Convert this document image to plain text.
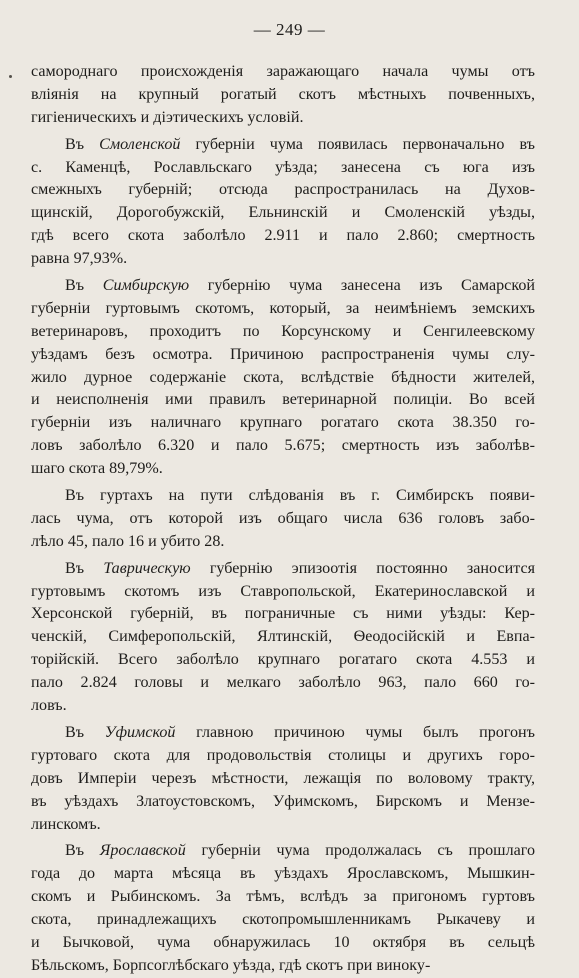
— 249 —
самороднаго происхожденія заражающаго начала чумы отъ
вліянія на крупный рогатый скотъ мѣстныхъ почвенныхъ,
гигіеническихъ и діэтическихъ условій.
Въ Смоленской губерніи чума появилась первоначально въ
с. Каменцѣ, Рославльскаго уѣзда; занесена съ юга изъ
смежныхъ губерній; отсюда распространилась на Духов-
щинскій, Дорогобужскій, Ельнинскій и Смоленскій уѣзды,
гдѣ всего скота заболѣло 2.911 и пало 2.860; смертность
равна 97,93%.
Въ Симбирскую губернію чума занесена изъ Самарской
губерніи гуртовымъ скотомъ, который, за неимѣніемъ земскихъ
ветеринаровъ, проходитъ по Корсунскому и Сенгилеевскому
уѣздамъ безъ осмотра. Причиною распространенія чумы слу-
жило дурное содержаніе скота, вслѣдствіе бѣдности жителей,
и неисполненія ими правилъ ветеринарной полиціи. Во всей
губерніи изъ наличнаго крупнаго рогатаго скота 38.350 го-
ловъ заболѣло 6.320 и пало 5.675; смертность изъ заболѣв-
шаго скота 89,79%.
Въ гуртахъ на пути слѣдованія въ г. Симбирскъ появи-
лась чума, отъ которой изъ общаго числа 636 головъ забо-
лѣло 45, пало 16 и убито 28.
Въ Таврическую губернію эпизоотія постоянно заносится
гуртовымъ скотомъ изъ Ставропольской, Екатеринославской и
Херсонской губерній, въ пограничные съ ними уѣзды: Кер-
ченскій, Симферопольскій, Ялтинскій, Ѳеодосійскій и Евпа-
торійскій. Всего заболѣло крупнаго рогатаго скота 4.553 и
пало 2.824 головы и мелкаго заболѣло 963, пало 660 го-
ловъ.
Въ Уфимской главною причиною чумы былъ прогонъ
гуртоваго скота для продовольствія столицы и другихъ горо-
довъ Имперіи черезъ мѣстности, лежащія по воловому тракту,
въ уѣздахъ Златоустовскомъ, Уфимскомъ, Бирскомъ и Мензе-
линскомъ.
Въ Ярославской губерніи чума продолжалась съ прошлаго
года до марта мѣсяца въ уѣздахъ Ярославскомъ, Мышкин-
скомъ и Рыбинскомъ. За тѣмъ, вслѣдъ за пригономъ гуртовъ
скота, принадлежащихъ скотопромышленникамъ Рыкачеву и
и Бычковой, чума обнаружилась 10 октября въ сельцѣ
Бѣльскомъ, Борпсоглѣбскаго уѣзда, гдѣ скотъ при виноку-
